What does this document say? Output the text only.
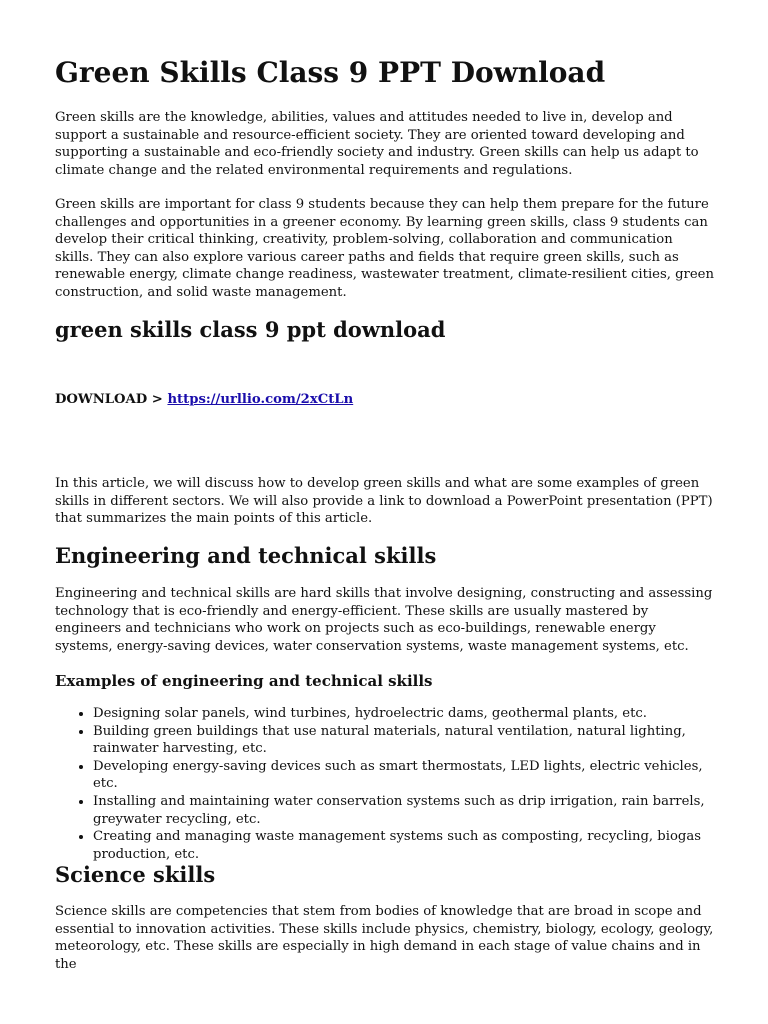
Green Skills Class 9 PPT Download

Green skills are the knowledge, abilities, values and attitudes needed to live in, develop and support a sustainable and resource-efficient society. They are oriented toward developing and supporting a sustainable and eco-friendly society and industry. Green skills can help us adapt to climate change and the related environmental requirements and regulations.

Green skills are important for class 9 students because they can help them prepare for the future challenges and opportunities in a greener economy. By learning green skills, class 9 students can develop their critical thinking, creativity, problem-solving, collaboration and communication skills. They can also explore various career paths and fields that require green skills, such as renewable energy, climate change readiness, wastewater treatment, climate-resilient cities, green construction, and solid waste management.

green skills class 9 ppt download
DOWNLOAD > https://urllio.com/2xCtLn

In this article, we will discuss how to develop green skills and what are some examples of green skills in different sectors. We will also provide a link to download a PowerPoint presentation (PPT) that summarizes the main points of this article.

Engineering and technical skills

Engineering and technical skills are hard skills that involve designing, constructing and assessing technology that is eco-friendly and energy-efficient. These skills are usually mastered by engineers and technicians who work on projects such as eco-buildings, renewable energy systems, energy-saving devices, water conservation systems, waste management systems, etc.

Examples of engineering and technical skills
• Designing solar panels, wind turbines, hydroelectric dams, geothermal plants, etc.
• Building green buildings that use natural materials, natural ventilation, natural lighting, rainwater harvesting, etc.
• Developing energy-saving devices such as smart thermostats, LED lights, electric vehicles, etc.
• Installing and maintaining water conservation systems such as drip irrigation, rain barrels, greywater recycling, etc.
• Creating and managing waste management systems such as composting, recycling, biogas production, etc.
Science skills

Science skills are competencies that stem from bodies of knowledge that are broad in scope and essential to innovation activities. These skills include physics, chemistry, biology, ecology, geology, meteorology, etc. These skills are especially in high demand in each stage of value chains and in the
